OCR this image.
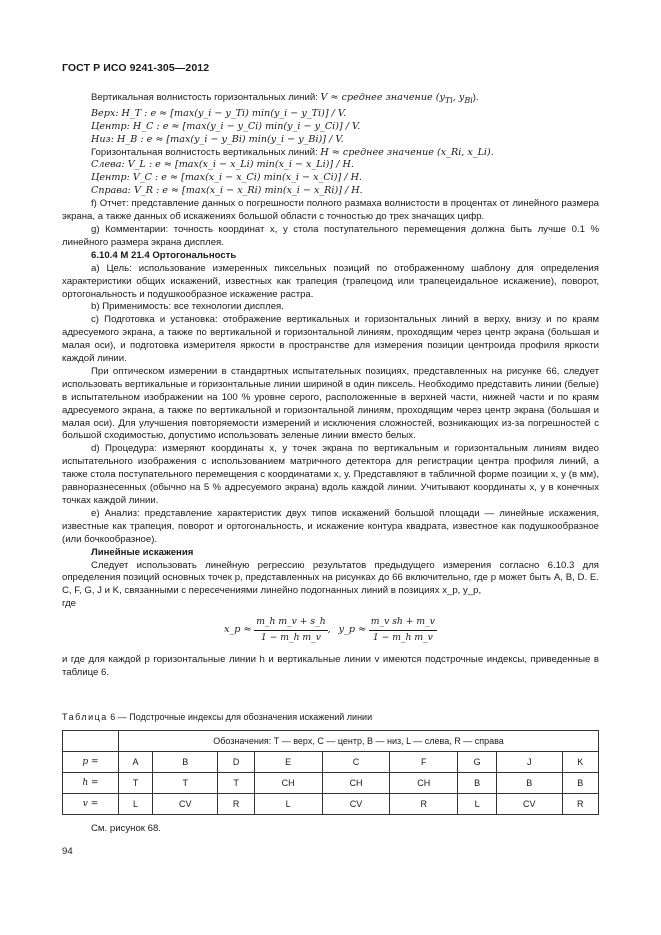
ГОСТ Р ИСО 9241-305—2012

Вертикальная волнистость горизонтальных линий: V ≈ среднее значение ($y_{Ti}$, $y_{Bi}$).

Верх: H_T : e ≈ [max(y_i − y_Ti) min(y_i − y_Ti)] / V.

Центр: H_C : e ≈ [max(y_i − y_Ci) min(y_i − y_Ci)] / V.

Низ: H_B : e ≈ [max(y_i − y_Bi) min(y_i − y_Bi)] / V.

Горизонтальная волнистость вертикальных линий: H ≈ среднее значение (x_Ri, x_Li).

Слева: V_L : e ≈ [max(x_i − x_Li) min(x_i − x_Li)] / H.

Центр: V_C : e ≈ [max(x_i − x_Ci) min(x_i − x_Ci)] / H.

Справа: V_R : e ≈ [max(x_i − x_Ri) min(x_i − x_Ri)] / H.

f) Отчет: представление данных о погрешности полного размаха волнистости в процентах от линейного размера экрана, а также данных об искажениях большой области с точностью до трех значащих цифр.

g) Комментарии: точность координат x, y стола поступательного перемещения должна быть лучше 0.1 % линейного размера экрана дисплея.

6.10.4 М 21.4 Ортогональность

a) Цель: использование измеренных пиксельных позиций по отображенному шаблону для определения характеристики общих искажений, известных как трапеция (трапецоид или трапецеидальное искажение), поворот, ортогональность и подушкообразное искажение растра.

b) Применимость: все технологии дисплея.

c) Подготовка и установка: отображение вертикальных и горизонтальных линий в верху, внизу и по краям адресуемого экрана, а также по вертикальной и горизонтальной линиям, проходящим через центр экрана (большая и малая оси), и подготовка измерителя яркости в пространстве для измерения позиции центроида профиля яркости каждой линии.

При оптическом измерении в стандартных испытательных позициях, представленных на рисунке 66, следует использовать вертикальные и горизонтальные линии шириной в один пиксель. Необходимо представить линии (белые) в испытательном изображении на 100 % уровне серого, расположенные в верхней части, нижней части и по краям адресуемого экрана, а также по вертикальной и горизонтальной линиям, проходящим через центр экрана (большая и малая оси). Для улучшения повторяемости измерений и исключения сложностей, возникающих из-за погрешностей с большой сходимостью, допустимо использовать зеленые линии вместо белых.

d) Процедура: измеряют координаты x, y точек экрана по вертикальным и горизонтальным линиям видео испытательного изображения с использованием матричного детектора для регистрации центра профиля линий, а также стола поступательного перемещения с координатами x, y. Представляют в табличной форме позиции x, y (в мм), равноразнесенных (обычно на 5 % адресуемого экрана) вдоль каждой линии. Учитывают координаты x, y в конечных точках каждой линии.

e) Анализ: представление характеристик двух типов искажений большой площади — линейные искажения, известные как трапеция, поворот и ортогональность, и искажение контура квадрата, известное как подушкообразное (или бочкообразное).

Линейные искажения

Следует использовать линейную регрессию результатов предыдущего измерения согласно 6.10.3 для определения позиций основных точек p, представленных на рисунках до 66 включительно, где p может быть A, B, D. E. C, F, G, J и K, связанными с пересечениями линейно подогнанных линий в позициях x_p, y_p,

где

x_p ≈ $\frac{\text{m\_h m\_v + s\_h}}{\text{1 − m\_h m\_v}}$ , y_p ≈ $\frac{\text{m\_v sh + m\_v}}{\text{1 − m\_h m\_v}}$

и где для каждой p горизонтальные линии h и вертикальные линии v имеются подстрочные индексы, приведенные в таблице 6.

Таблица 6 — Подстрочные индексы для обозначения искажений линии
	Обозначения: Т — верх, С — центр, В — низ, L — слева, R — справа								
p =	A	B	D	E	C	F	G	J	K
h =	T	T	T	CH	CH	CH	B	B	B
v =	L	CV	R	L	CV	R	L	CV	R
См. рисунок 68.
94
